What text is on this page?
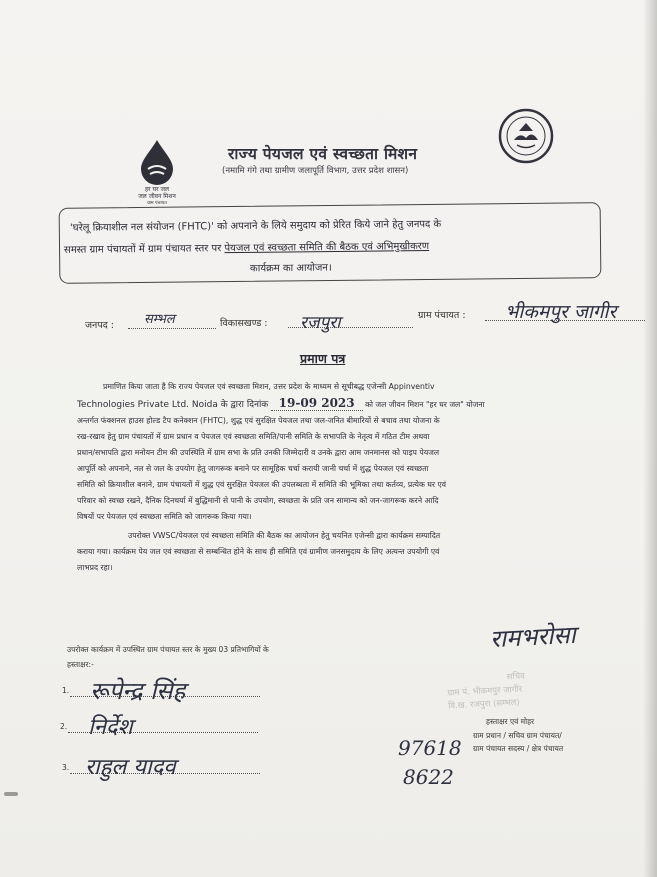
हर घर जल
जल जीवन मिशन
ग्राम पंचायत
राज्य पेयजल एवं स्वच्छता मिशन
(नमामि गंगे तथा ग्रामीण जलापूर्ति विभाग, उत्तर प्रदेश शासन)
'घरेलू क्रियाशील नल संयोजन (FHTC)' को अपनाने के लिये समुदाय को प्रेरित किये जाने हेतु जनपद के
समस्त ग्राम पंचायतों में ग्राम पंचायत स्तर पर पेयजल एवं स्वच्छता समिति की बैठक एवं अभिमुखीकरण
कार्यक्रम का आयोजन।
जनपद : सम्भल	विकासखण्ड : रजपुरा	ग्राम पंचायत : भीकमपुर जागीर
प्रमाण पत्र
प्रमाणित किया जाता है कि राज्य पेयजल एवं स्वच्छता मिशन, उत्तर प्रदेश के माध्यम से सूचीबद्ध एजेन्सी Appinventiv
Technologies Private Ltd. Noida के द्वारा दिनांक 19-09 2023 को जल जीवन मिशन "हर घर जल" योजना
अन्तर्गत फंक्शनल हाउस होल्ड टैप कनेक्शन (FHTC), शुद्ध एवं सुरक्षित पेयजल तथा जल-जनित बीमारियों से बचाव तथा योजना के
रख-रखाव हेतु ग्राम पंचायतों में ग्राम प्रधान व पेयजल एवं स्वच्छता समिति/पानी समिति के सभापति के नेतृत्व में गठित टीम अथवा
प्रधान/सभापति द्वारा मनोयन टीम की उपस्थिति में ग्राम सभा के प्रति उनकी जिम्मेदारी व उनके द्वारा आम जनमानस को पाइप पेयजल
आपूर्ति को अपनाने, नल से जल के उपयोग हेतु जागरूक बनाने पर सामूहिक चर्चा करायी जानी चर्चा में शुद्ध पेयजल एवं स्वच्छता
समिति को क्रियाशील बनाने, ग्राम पंचायतों में शुद्ध एवं सुरक्षित पेयजल की उपलब्धता में समिति की भूमिका तथा कर्तव्य, प्रत्येक घर एवं
परिवार को स्वच्छ रखने, दैनिक दिनचर्या में बुद्धिमानी से पानी के उपयोग, स्वच्छता के प्रति जन सामान्य को जन-जागरूक करने आदि
विषयों पर पेयजल एवं स्वच्छता समिति को जागरूक किया गया।
उपरोक्त VWSC/पेयजल एवं स्वच्छता समिति की बैठक का आयोजन हेतु चयनित एजेन्सी द्वारा कार्यक्रम सम्पादित
कराया गया। कार्यक्रम पेय जल एवं स्वच्छता से सम्बन्धित होने के साथ ही समिति एवं ग्रामीण जनसमुदाय के लिए अत्यन्त उपयोगी एवं
लाभप्रद रहा।
उपरोक्त कार्यक्रम में उपस्थित ग्राम पंचायत स्तर के मुख्य 03 प्रतिभागियों के
हस्ताक्षर:-
1. रूपेन्द्र सिंह
2. निर्देश
3. राहुल यादव
रामभरोसा
सचिव
ग्राम पं. भीकमपुर जागीर
वि.ख. रजपुरा (सम्भल)
हस्ताक्षर एवं मोहर
ग्राम प्रधान / सचिव ग्राम पंचायत/
ग्राम पंचायत सदस्य / क्षेत्र पंचायत
97618
8622
